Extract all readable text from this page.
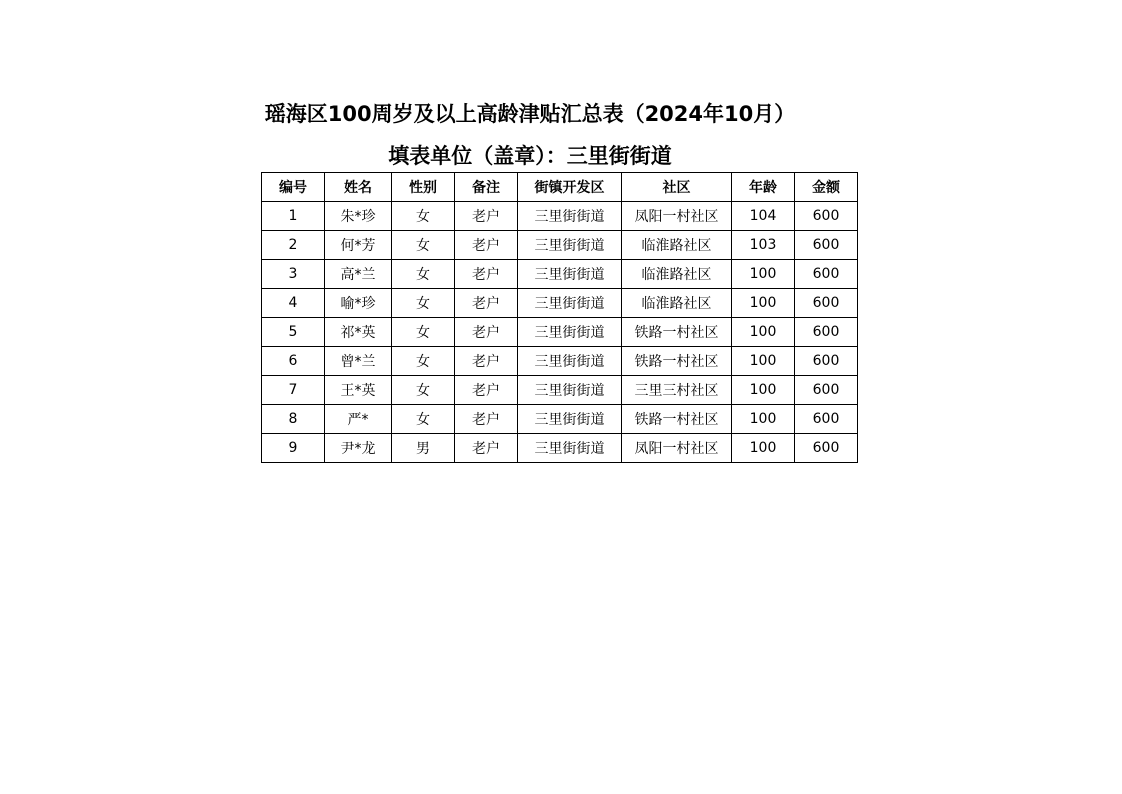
瑶海区100周岁及以上高龄津贴汇总表（2024年10月）
填表单位（盖章）：三里街街道
编号	姓名	性别	备注	街镇开发区	社区	年龄	金额
1	朱*珍	女	老户	三里街街道	凤阳一村社区	104	600
2	何*芳	女	老户	三里街街道	临淮路社区	103	600
3	高*兰	女	老户	三里街街道	临淮路社区	100	600
4	喻*珍	女	老户	三里街街道	临淮路社区	100	600
5	祁*英	女	老户	三里街街道	铁路一村社区	100	600
6	曾*兰	女	老户	三里街街道	铁路一村社区	100	600
7	王*英	女	老户	三里街街道	三里三村社区	100	600
8	严*	女	老户	三里街街道	铁路一村社区	100	600
9	尹*龙	男	老户	三里街街道	凤阳一村社区	100	600
